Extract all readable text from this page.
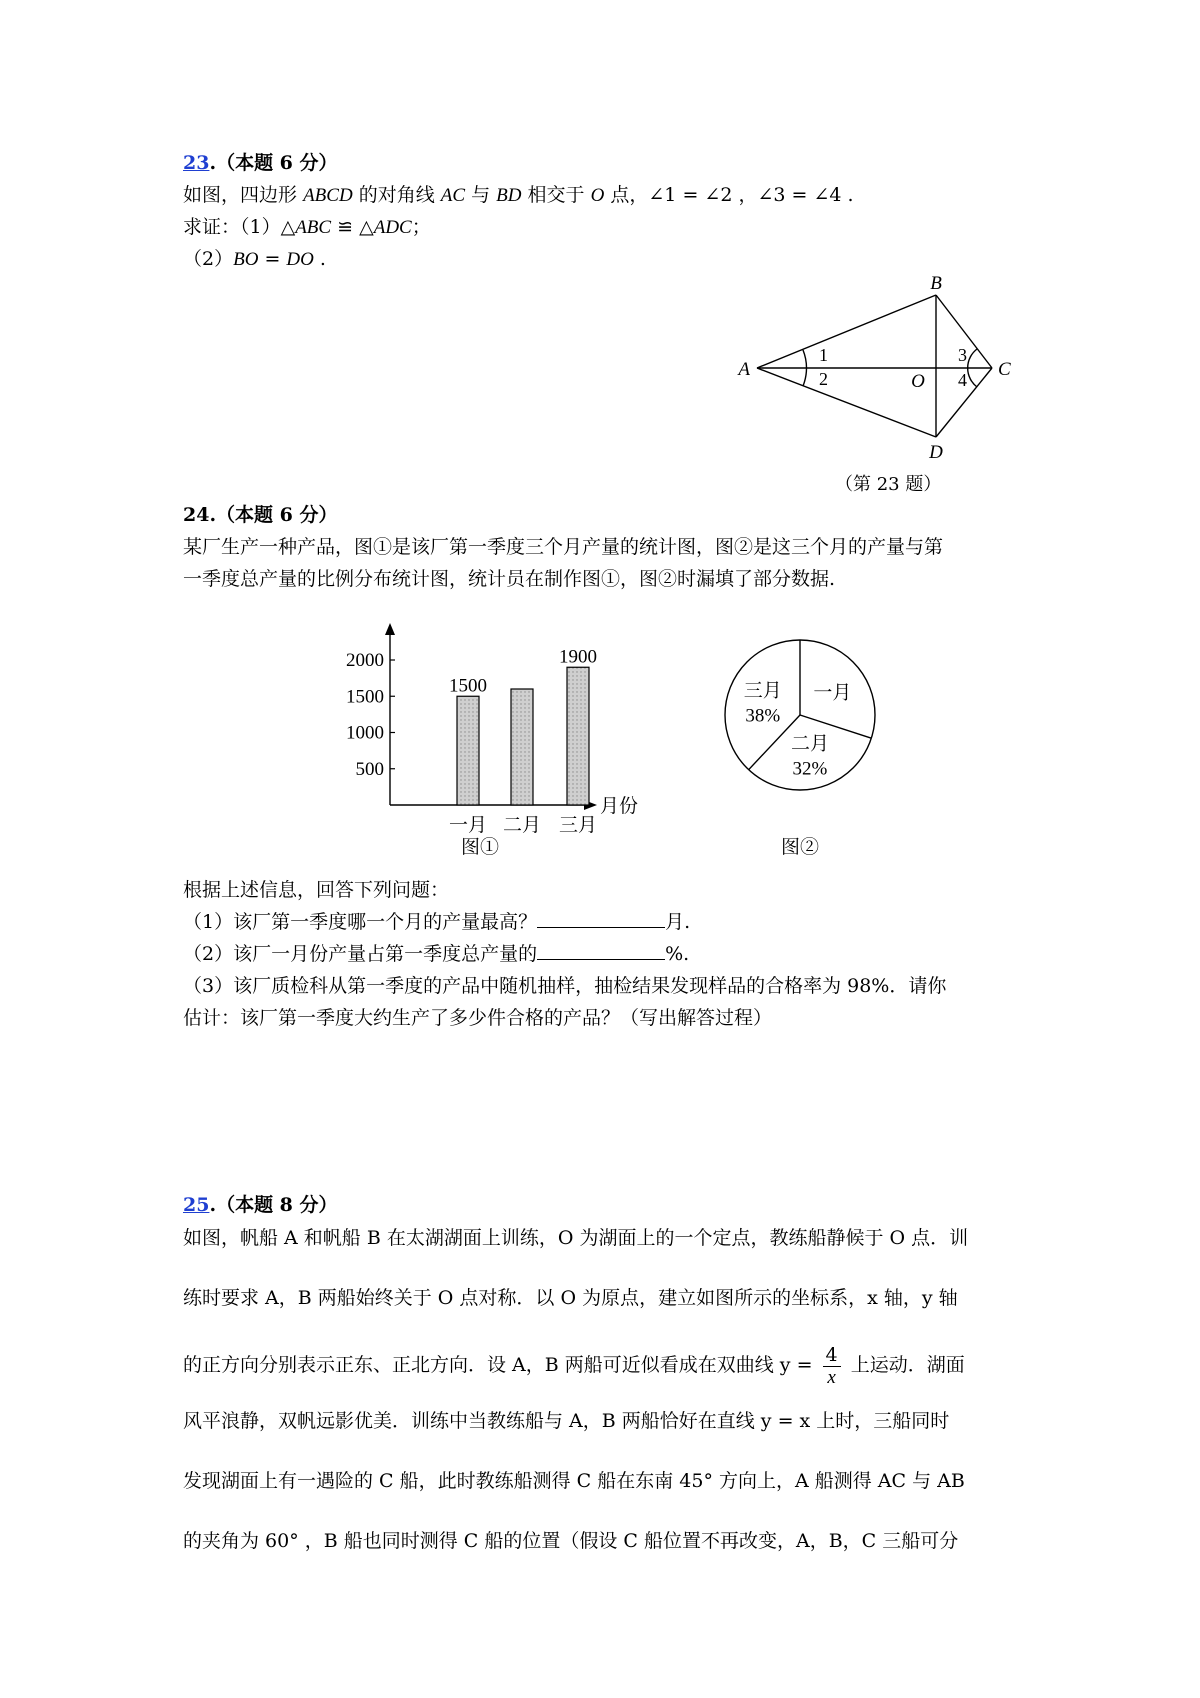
23.（本题 6 分）
如图，四边形 ABCD 的对角线 AC 与 BD 相交于 O 点，∠1 = ∠2 ，∠3 = ∠4 .
求证：（1）△ABC ≌ △ADC；
（2）BO = DO .
A
B
C
D
O
1
2
3
4
（第 23 题）
24.（本题 6 分）
某厂生产一种产品，图①是该厂第一季度三个月产量的统计图，图②是这三个月的产量与第
一季度总产量的比例分布统计图，统计员在制作图①，图②时漏填了部分数据.
500
1000
1500
2000
一月
1500
二月 三月
1900
月份
图①
一月
二月
32%
三月
38%
图②
根据上述信息，回答下列问题：
（1）该厂第一季度哪一个月的产量最高？	月.
（2）该厂一月份产量占第一季度总产量的	%.
（3）该厂质检科从第一季度的产品中随机抽样，抽检结果发现样品的合格率为 98%．请你
估计：该厂第一季度大约生产了多少件合格的产品？（写出解答过程）
25.（本题 8 分）
如图，帆船 A 和帆船 B 在太湖湖面上训练，O 为湖面上的一个定点，教练船静候于 O 点．训
练时要求 A，B 两船始终关于 O 点对称．以 O 为原点，建立如图所示的坐标系，x 轴，y 轴
的正方向分别表示正东、正北方向．设 A，B 两船可近似看成在双曲线 $y = \frac{4}{x}$ 上运动．湖面
风平浪静，双帆远影优美．训练中当教练船与 A，B 两船恰好在直线 y = x 上时，三船同时
发现湖面上有一遇险的 C 船，此时教练船测得 C 船在东南 45° 方向上，A 船测得 AC 与 AB
的夹角为 60° ，B 船也同时测得 C 船的位置（假设 C 船位置不再改变，A，B，C 三船可分
